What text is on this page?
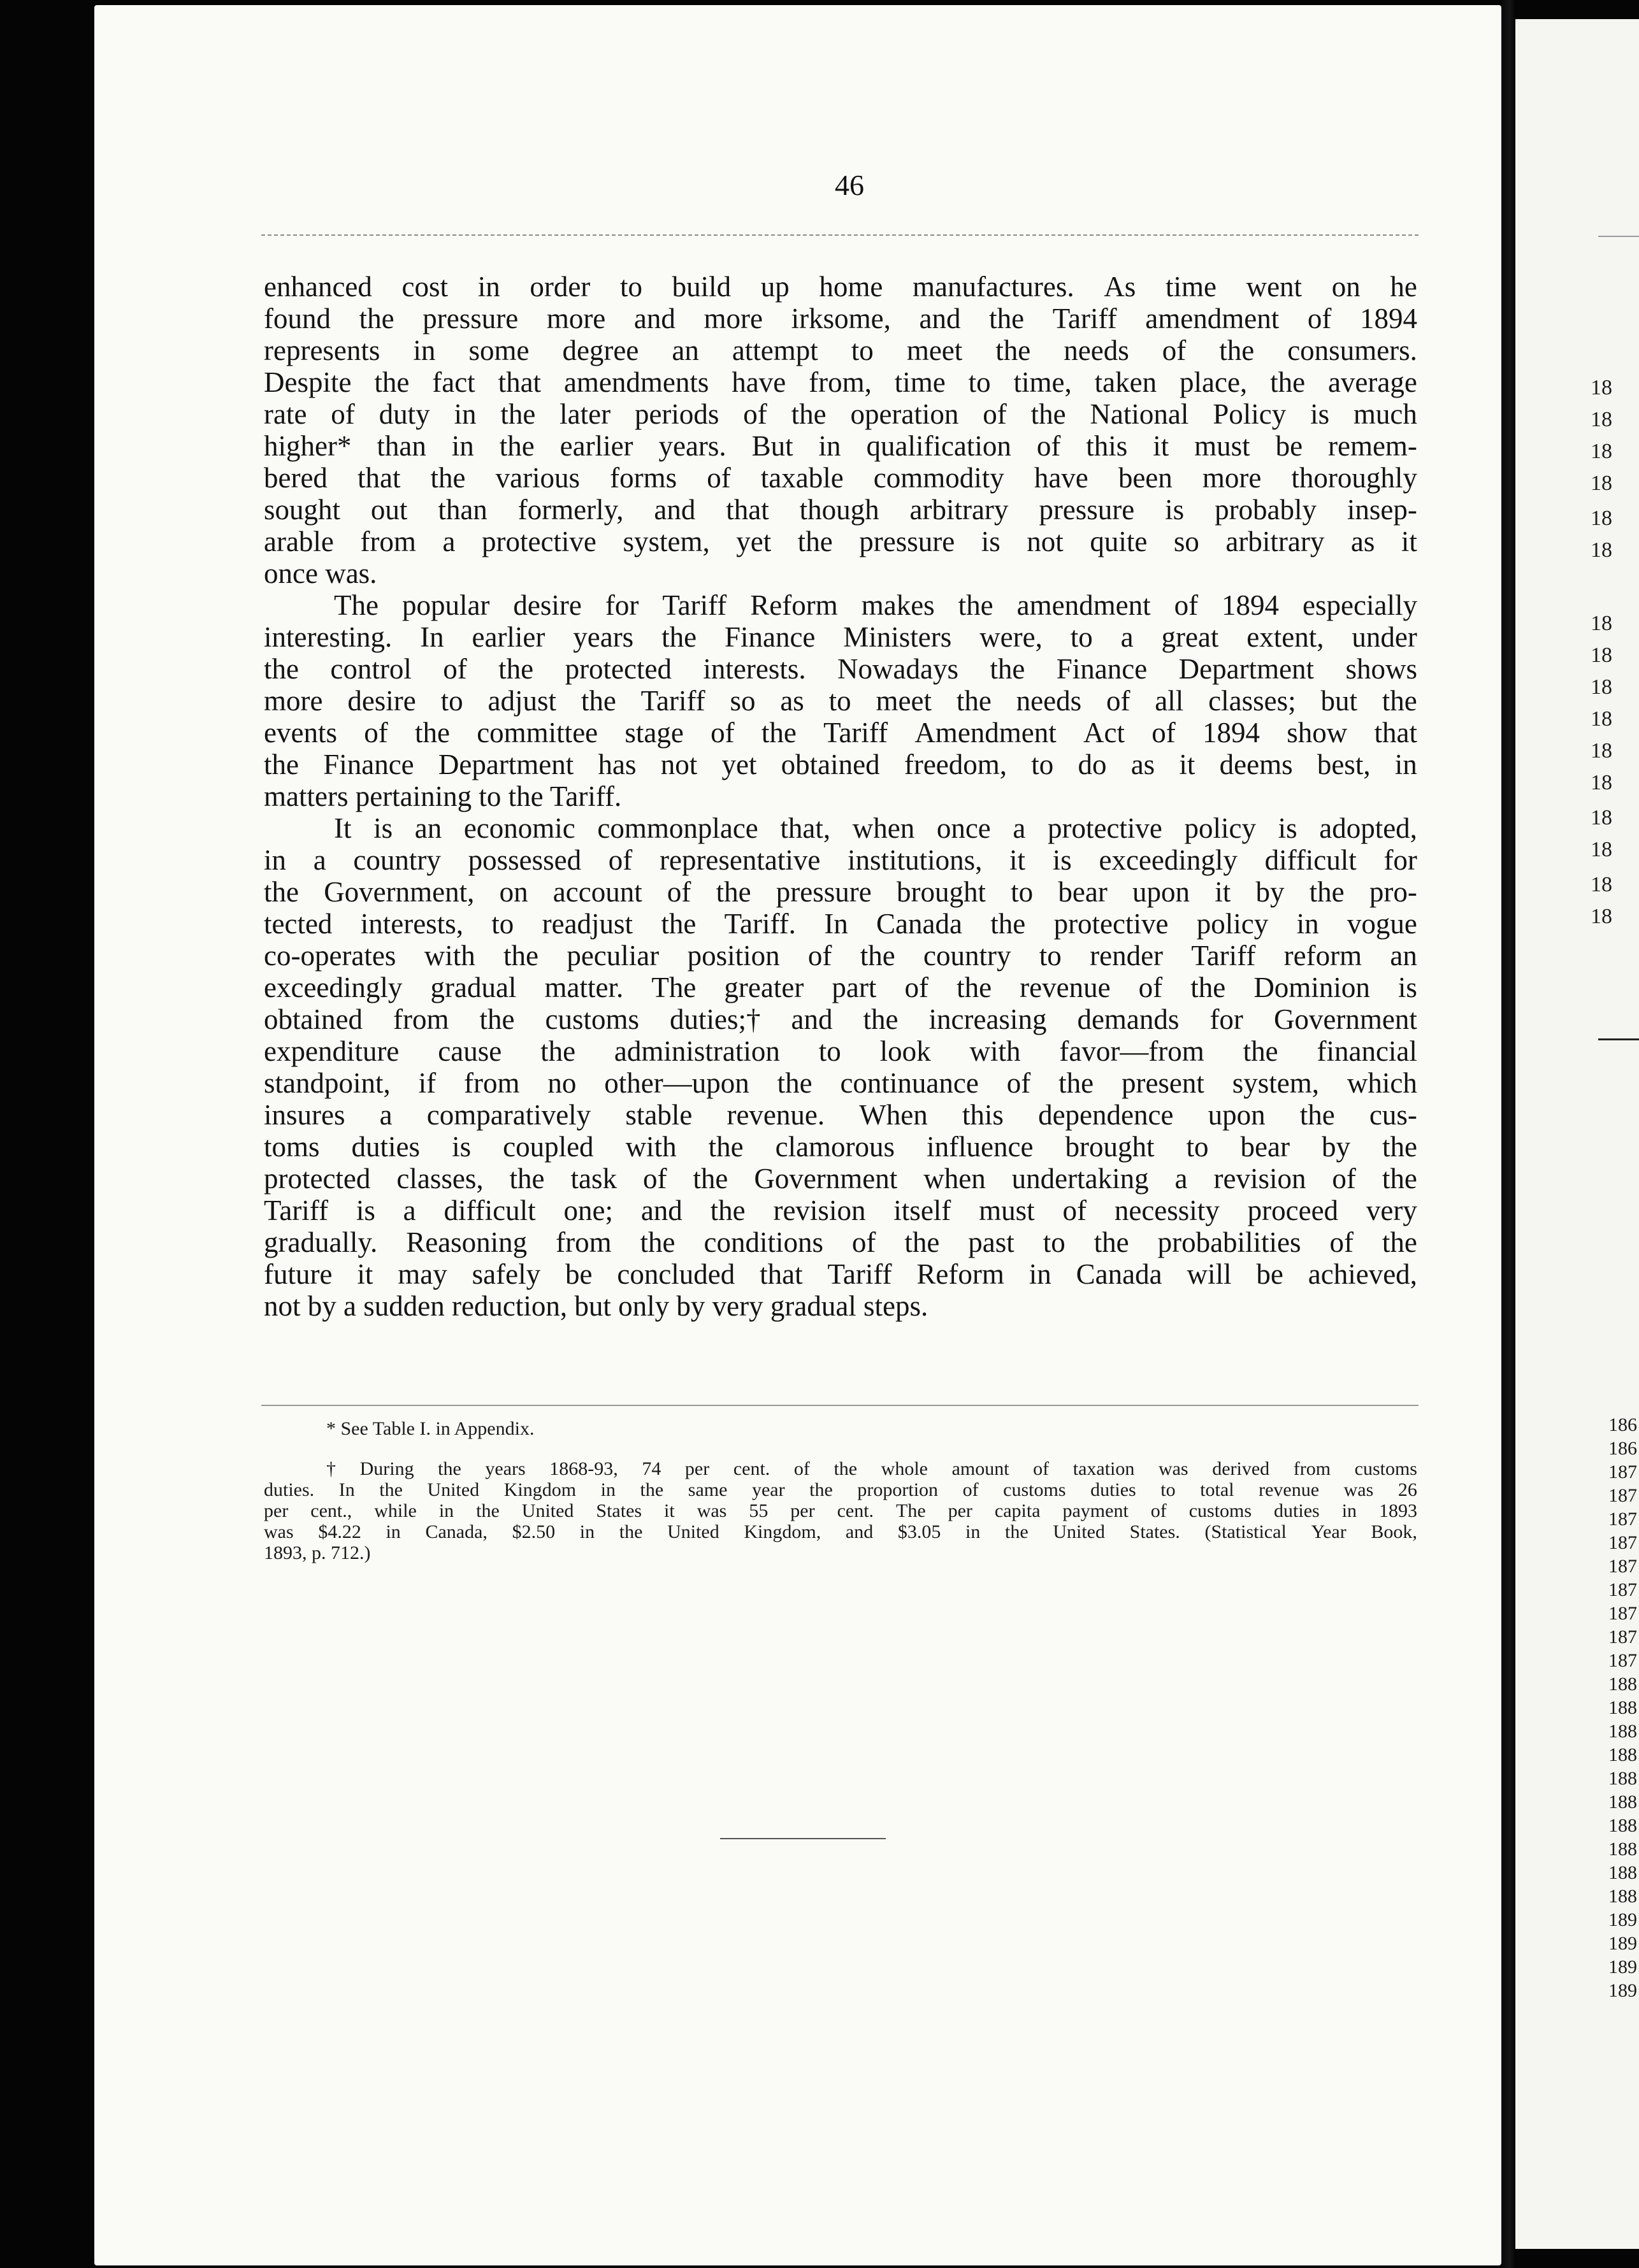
46
enhanced cost in order to build up home manufactures. As time went on he
found the pressure more and more irksome, and the Tariff amendment of 1894
represents in some degree an attempt to meet the needs of the consumers.
Despite the fact that amendments have from, time to time, taken place, the average
rate of duty in the later periods of the operation of the National Policy is much
higher* than in the earlier years. But in qualification of this it must be remem-
bered that the various forms of taxable commodity have been more thoroughly
sought out than formerly, and that though arbitrary pressure is probably insep-
arable from a protective system, yet the pressure is not quite so arbitrary as it
once was.
The popular desire for Tariff Reform makes the amendment of 1894 especially
interesting. In earlier years the Finance Ministers were, to a great extent, under
the control of the protected interests. Nowadays the Finance Department shows
more desire to adjust the Tariff so as to meet the needs of all classes; but the
events of the committee stage of the Tariff Amendment Act of 1894 show that
the Finance Department has not yet obtained freedom, to do as it deems best, in
matters pertaining to the Tariff.
It is an economic commonplace that, when once a protective policy is adopted,
in a country possessed of representative institutions, it is exceedingly difficult for
the Government, on account of the pressure brought to bear upon it by the pro-
tected interests, to readjust the Tariff. In Canada the protective policy in vogue
co-operates with the peculiar position of the country to render Tariff reform an
exceedingly gradual matter. The greater part of the revenue of the Dominion is
obtained from the customs duties;† and the increasing demands for Government
expenditure cause the administration to look with favor—from the financial
standpoint, if from no other—upon the continuance of the present system, which
insures a comparatively stable revenue. When this dependence upon the cus-
toms duties is coupled with the clamorous influence brought to bear by the
protected classes, the task of the Government when undertaking a revision of the
Tariff is a difficult one; and the revision itself must of necessity proceed very
gradually. Reasoning from the conditions of the past to the probabilities of the
future it may safely be concluded that Tariff Reform in Canada will be achieved,
not by a sudden reduction, but only by very gradual steps.
* See Table I. in Appendix.
† During the years 1868-93, 74 per cent. of the whole amount of taxation was derived from customs
duties. In the United Kingdom in the same year the proportion of customs duties to total revenue was 26
per cent., while in the United States it was 55 per cent. The per capita payment of customs duties in 1893
was $4.22 in Canada, $2.50 in the United Kingdom, and $3.05 in the United States. (Statistical Year Book,
1893, p. 712.)
18
18
18
18
18
18
18
18
18
18
18
18
18
18
18
18
186
186
187
187
187
187
187
187
187
187
187
188
188
188
188
188
188
188
188
188
188
189
189
189
189
